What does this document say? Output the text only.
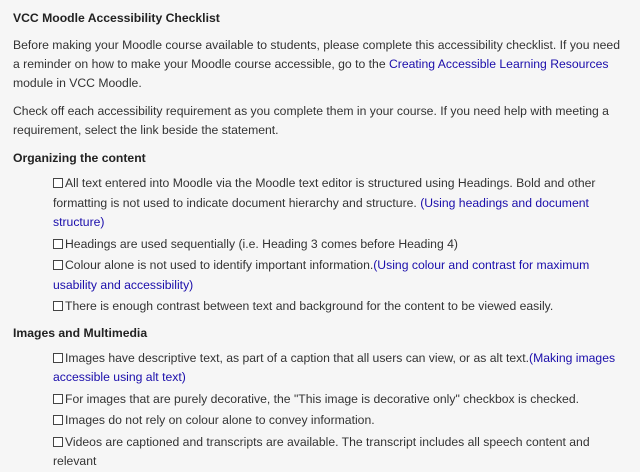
VCC Moodle Accessibility Checklist

Before making your Moodle course available to students, please complete this accessibility checklist. If you need a reminder on how to make your Moodle course accessible, go to the Creating Accessible Learning Resources module in VCC Moodle.

Check off each accessibility requirement as you complete them in your course. If you need help with meeting a requirement, select the link beside the statement.

Organizing the content
All text entered into Moodle via the Moodle text editor is structured using Headings. Bold and other formatting is not used to indicate document hierarchy and structure. (Using headings and document structure)
Headings are used sequentially (i.e. Heading 3 comes before Heading 4)
Colour alone is not used to identify important information.(Using colour and contrast for maximum usability and accessibility)
There is enough contrast between text and background for the content to be viewed easily.
Images and Multimedia
Images have descriptive text, as part of a caption that all users can view, or as alt text.(Making images accessible using alt text)
For images that are purely decorative, the "This image is decorative only" checkbox is checked.
Images do not rely on colour alone to convey information.
Videos are captioned and transcripts are available. The transcript includes all speech content and relevant
